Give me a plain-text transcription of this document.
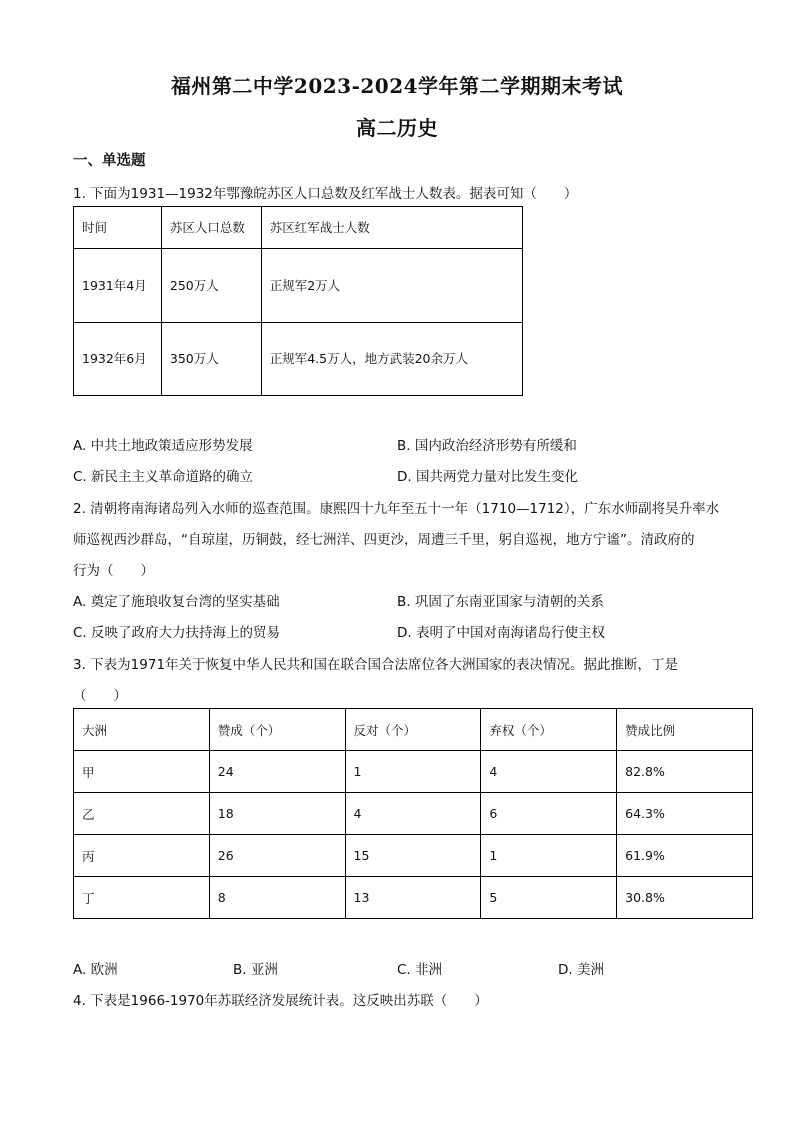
福州第二中学2023-2024学年第二学期期末考试
高二历史
一、单选题
1. 下面为1931—1932年鄂豫皖苏区人口总数及红军战士人数表。据表可知（　　）
时间	苏区人口总数	苏区红军战士人数
1931年4月	250万人	正规军2万人
1932年6月	350万人	正规军4.5万人，地方武装20余万人
A. 中共土地政策适应形势发展	B. 国内政治经济形势有所缓和
C. 新民主主义革命道路的确立	D. 国共两党力量对比发生变化
2. 清朝将南海诸岛列入水师的巡查范围。康熙四十九年至五十一年（1710—1712），广东水师副将吴升率水
师巡视西沙群岛，“自琼崖，历铜鼓，经七洲洋、四更沙，周遭三千里，躬自巡视，地方宁谧”。清政府的
行为（　　）
A. 奠定了施琅收复台湾的坚实基础	B. 巩固了东南亚国家与清朝的关系
C. 反映了政府大力扶持海上的贸易	D. 表明了中国对南海诸岛行使主权
3. 下表为1971年关于恢复中华人民共和国在联合国合法席位各大洲国家的表决情况。据此推断，丁是
（　　）
大洲	赞成（个）	反对（个）	弃权（个）	赞成比例
甲	24	1	4	82.8%
乙	18	4	6	64.3%
丙	26	15	1	61.9%
丁	8	13	5	30.8%
A. 欧洲	B. 亚洲	C. 非洲	D. 美洲
4. 下表是1966-1970年苏联经济发展统计表。这反映出苏联（　　）
